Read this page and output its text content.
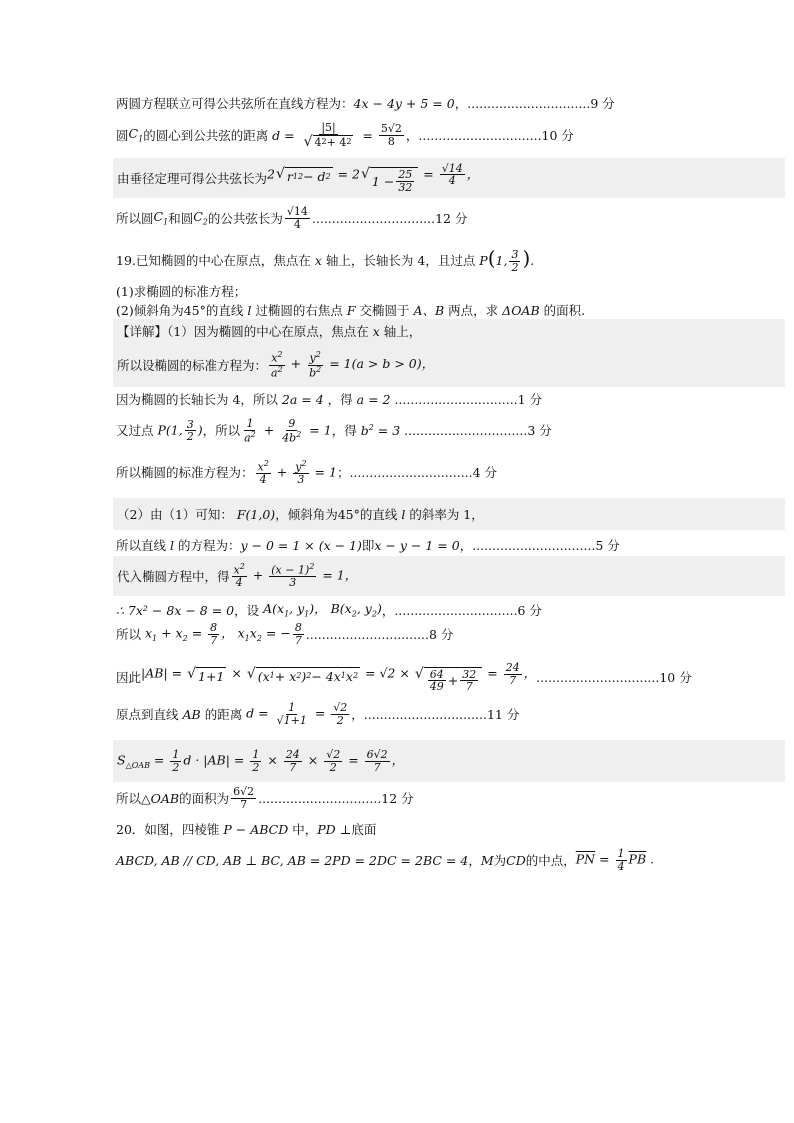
两圆方程联立可得公共弦所在直线方程为： 4x − 4y + 5 = 0 ，...............................9 分
圆 $C_1$ 的圆心到公共弦的距离 $d = \frac{|5|}{√ 4 2 + 4 2} = \frac{5√2}{8}$ ，...............................10 分
由垂径定理可得公共弦长为 2 √ r 1 2 − d 2 = 2 √ $1 - \frac{25}{32} = \frac{√14}{4}$ ，
所以圆 $C_1$ 和圆 $C_2$ 的公共弦长为 $\frac{√14}{4} ...............................12$ 分
19.已知椭圆的中心在原点，焦点在 x 轴上，长轴长为 4，且过点 P(1, $\frac{3}{2}$ ).
(1)求椭圆的标准方程；
(2)倾斜角为 45° 的直线 l 过椭圆的右焦点 F 交椭圆于 A、B 两点，求 ΔOAB 的面积.
【详解】（1）因为椭圆的中心在原点，焦点在 x 轴上，
所以设椭圆的标准方程为： $\frac{x^2}{a^2} + \frac{y^2}{b^2} = 1(a > b > 0)$，
因为椭圆的长轴长为 4，所以 2a = 4 ，得 a = 2 ...............................1 分
又过点 P(1, $\frac{3}{2}$ ) ，所以 $\frac{1}{a^2} + \frac{9}{4b^2} = 1$ ，得 $b^2 = 3$ ...............................3 分
所以椭圆的标准方程为： $\frac{x^2}{4} + \frac{y^2}{3} = 1$ ；...............................4 分
（2）由（1）可知： F(1,0) ，倾斜角为 45° 的直线 l 的斜率为 1，
所以直线 l 的方程为： y − 0 = 1 × (x − 1) 即 x − y − 1 = 0 ，...............................5 分
代入椭圆方程中，得 $\frac{x^2}{4} + \frac{(x - 1)^2}{3} = 1$，
∴ 7x² − 8x − 8 = 0 ，设 $A(x_1$, $y_1$)， $B(x_2$, $y_2$) ，...............................6 分
所以 $x_1 + x_2 = \frac{8}{7}$ ， $x_1x_2$ = − $\frac{8}{7} ...............................8$ 分
因此 |AB| = √ 1+1 × √ (x 1 + x 2 ) 2 − 4x 1 x 2 = √2 × √ $\frac{64}{49} + \frac{32}{7} = \frac{24}{7}$ ， ...............................10 分
原点到直线 AB 的距离 $d = \frac{1}{√1+1} = \frac{√2}{2}$ ，...............................11 分
$S_{\triangle OAB} = \frac{1}{2}$ $d \cdot |AB| = \frac{1}{2} \times \frac{24}{7} \times \frac{√2}{2} = \frac{6√2}{7}$ ，
所以 △OAB 的面积为 $\frac{6√2}{7} ...............................12$ 分
20．如图，四棱锥 P − ABCD 中， PD ⊥ 底面
ABCD, AB // CD, AB ⊥ BC, AB = 2PD = 2DC = 2BC = 4 ， M 为 CD 的中点， $\overline{PN} = \frac{1}{4} \overline{PB}$ .
